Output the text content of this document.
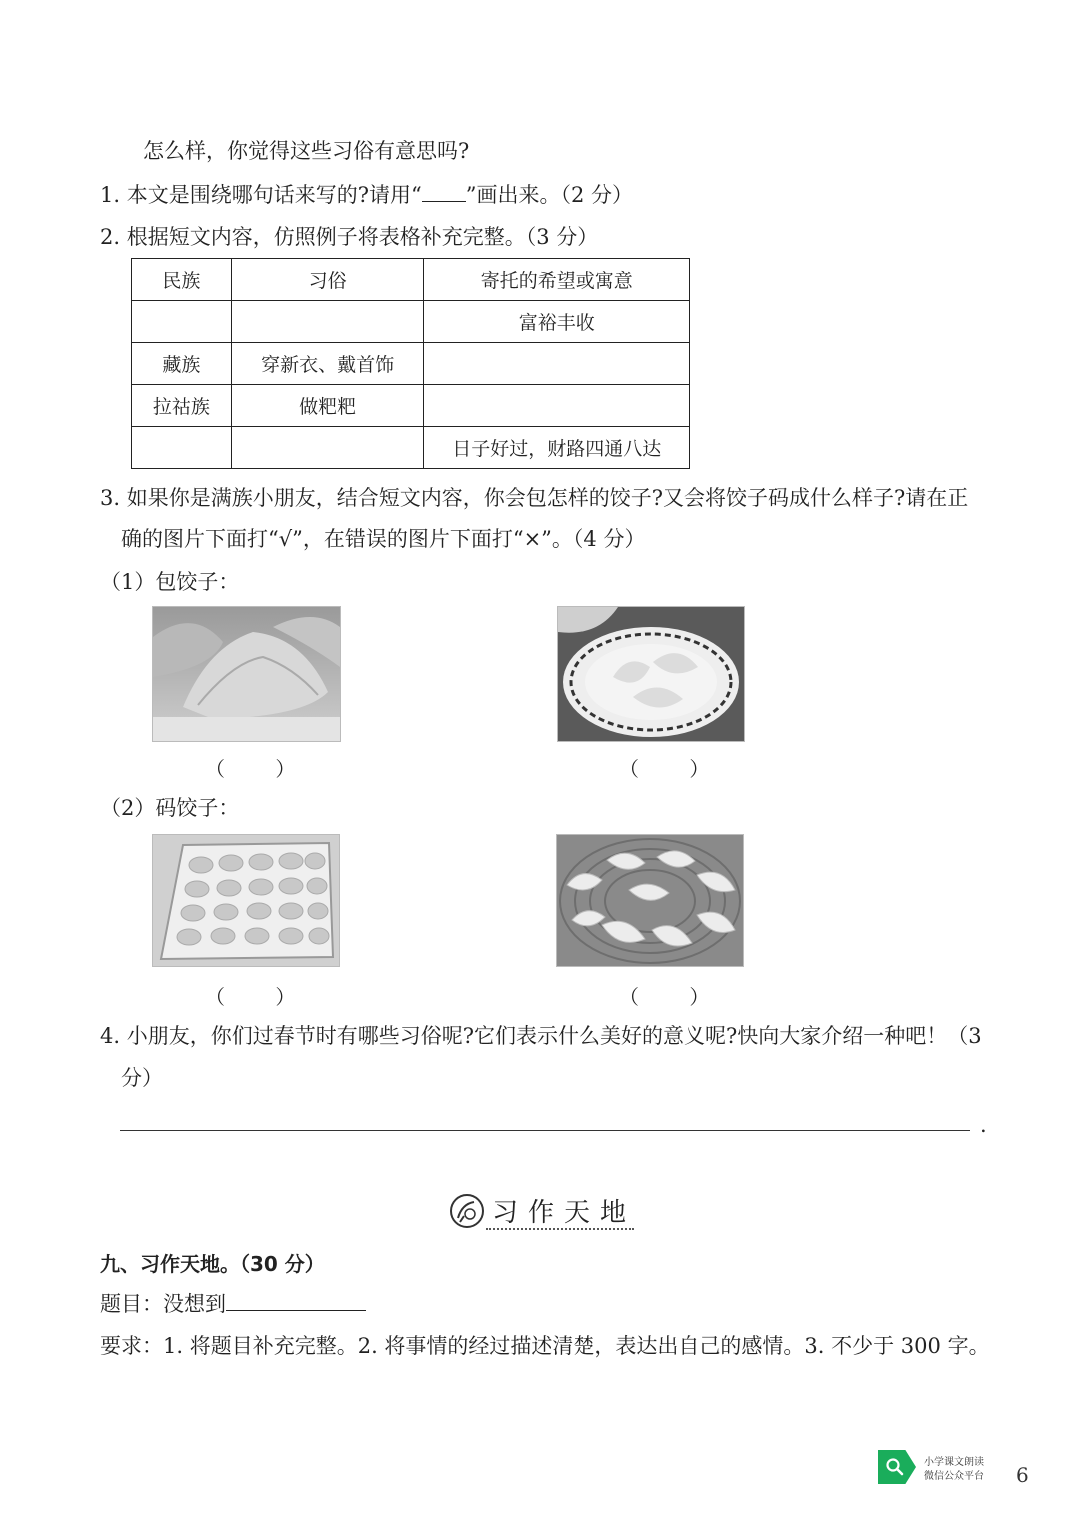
怎么样，你觉得这些习俗有意思吗?
1. 本文是围绕哪句话来写的?请用“ ”画出来。（2 分）
2. 根据短文内容，仿照例子将表格补充完整。（3 分）
民族	习俗	寄托的希望或寓意
		富裕丰收
藏族	穿新衣、戴首饰	
拉祜族	做粑粑	
		日子好过，财路四通八达
3. 如果你是满族小朋友，结合短文内容，你会包怎样的饺子?又会将饺子码成什么样子?请在正
确的图片下面打“√”，在错误的图片下面打“×”。（4 分）
（1）包饺子：
（ ）	（ ）
（2）码饺子：
（ ）	（ ）
4. 小朋友，你们过春节时有哪些习俗呢?它们表示什么美好的意义呢?快向大家介绍一种吧！（3
分）
.
习作天地
九、习作天地。（30 分）
题目：没想到
要求：1. 将题目补充完整。2. 将事情的经过描述清楚，表达出自己的感情。3. 不少于 300 字。
小学课文朗读
微信公众平台 6
